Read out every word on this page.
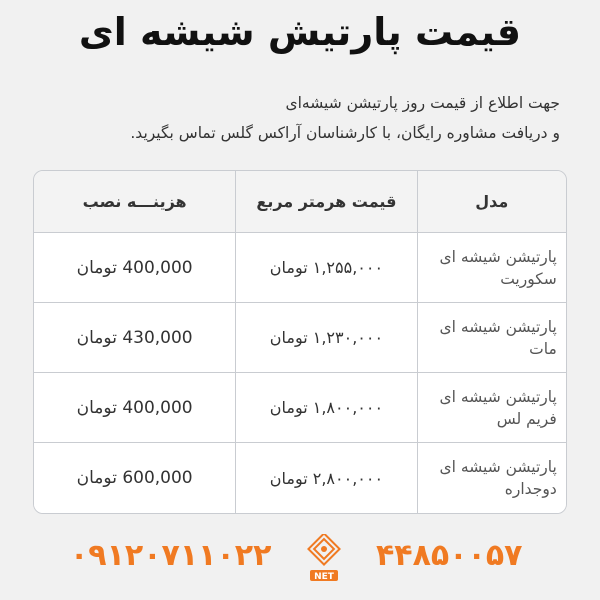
قیمت پارتیش شیشه ای
جهت اطلاع از قیمت روز پارتیشن شیشه‌ای
و دریافت مشاوره رایگان، با کارشناسان آراکس گلس تماس بگیرید.
مدل
قیمت هرمتر مربع
هزینـــه نصب
پارتیشن شیشه ای سکوریت
۱,۲۵۵,۰۰۰ تومان
400,000 تومان
پارتیشن شیشه ای مات
۱,۲۳۰,۰۰۰ تومان
430,000 تومان
پارتیشن شیشه ای فریم لس
۱,۸۰۰,۰۰۰ تومان
400,000 تومان
پارتیشن شیشه ای دوجداره
۲,۸۰۰,۰۰۰ تومان
600,000 تومان
۰۹۱۲۰۷۱۱۰۲۲
NET
۴۴۸۵۰۰۵۷
